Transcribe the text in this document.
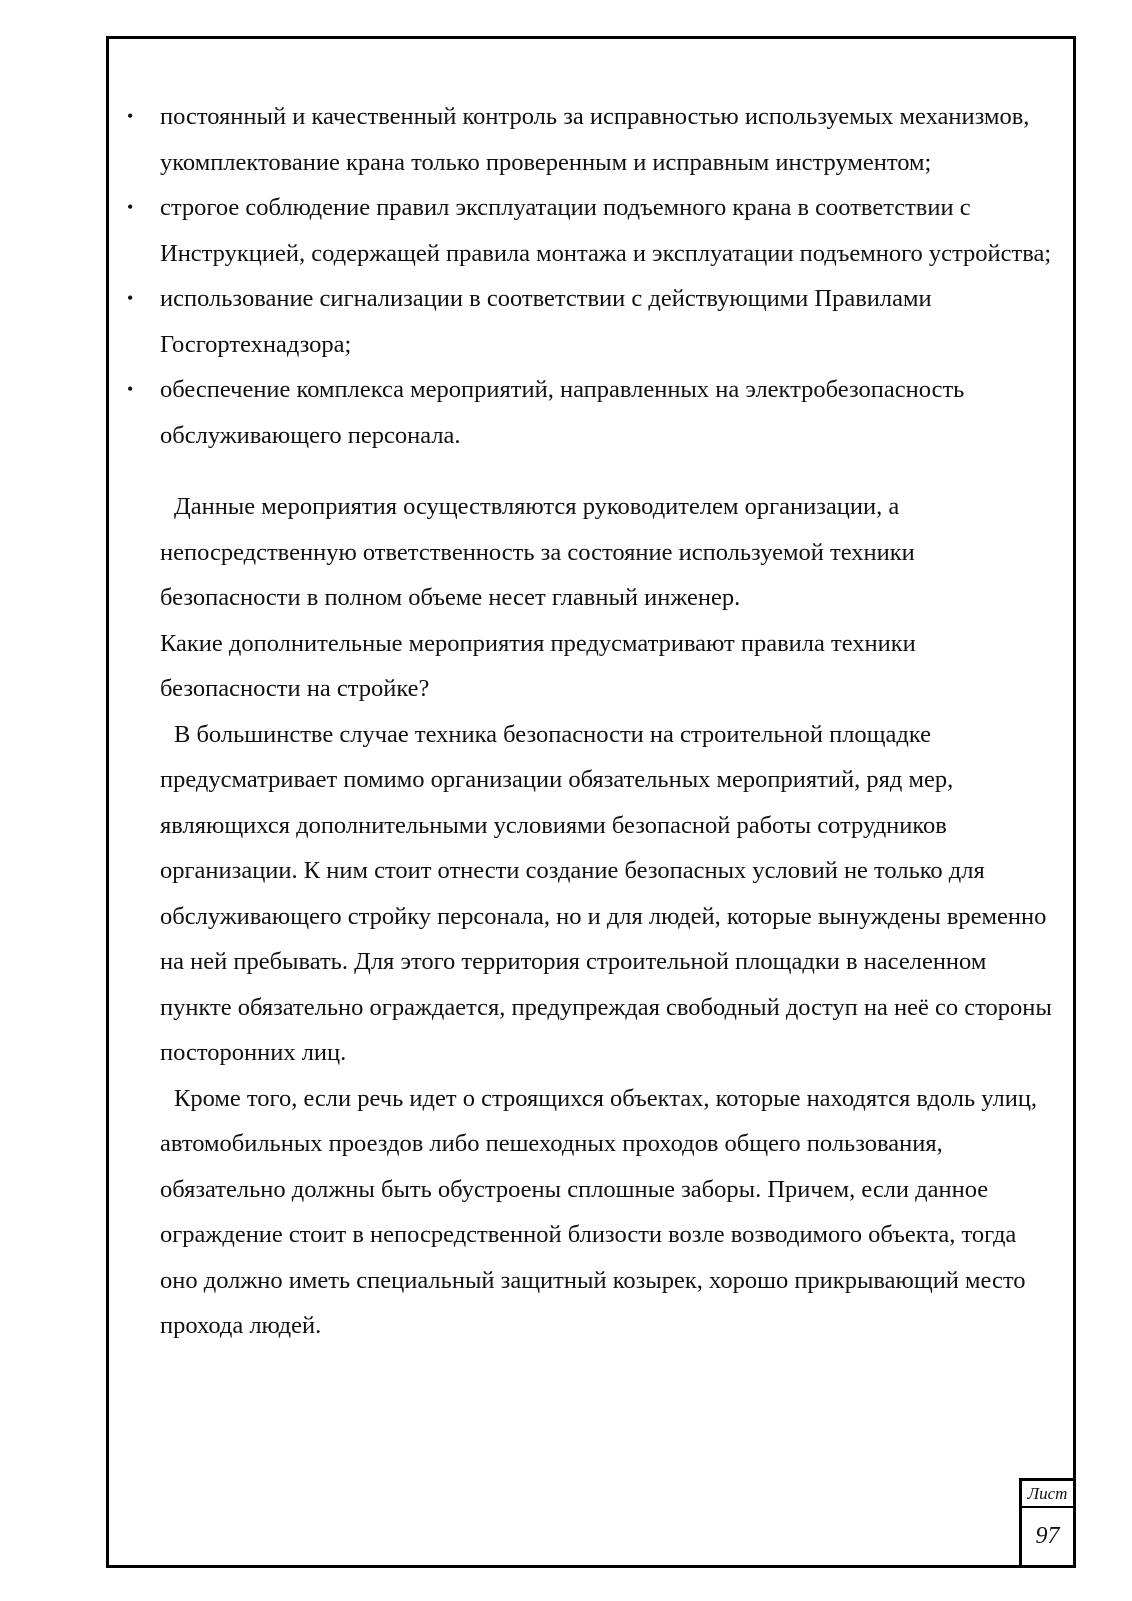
• постоянный и качественный контроль за исправностью используемых механизмов, укомплектование крана только проверенным и исправным инструментом;
• строгое соблюдение правил эксплуатации подъемного крана в соответствии с Инструкцией, содержащей правила монтажа и эксплуатации подъемного устройства;
• использование сигнализации в соответствии с действующими Правилами Госгортехнадзора;
• обеспечение комплекса мероприятий, направленных на электробезопасность обслуживающего персонала.

Данные мероприятия осуществляются руководителем организации, а непосредственную ответственность за состояние используемой техники безопасности в полном объеме несет главный инженер.

Какие дополнительные мероприятия предусматривают правила техники безопасности на стройке?

В большинстве случае техника безопасности на строительной площадке предусматривает помимо организации обязательных мероприятий, ряд мер, являющихся дополнительными условиями безопасной работы сотрудников организации. К ним стоит отнести создание безопасных условий не только для обслуживающего стройку персонала, но и для людей, которые вынуждены временно на ней пребывать. Для этого территория строительной площадки в населенном пункте обязательно ограждается, предупреждая свободный доступ на неё со стороны посторонних лиц.

Кроме того, если речь идет о строящихся объектах, которые находятся вдоль улиц, автомобильных проездов либо пешеходных проходов общего пользования, обязательно должны быть обустроены сплошные заборы. Причем, если данное ограждение стоит в непосредственной близости возле возводимого объекта, тогда оно должно иметь специальный защитный козырек, хорошо прикрывающий место прохода людей.

Лист
97
